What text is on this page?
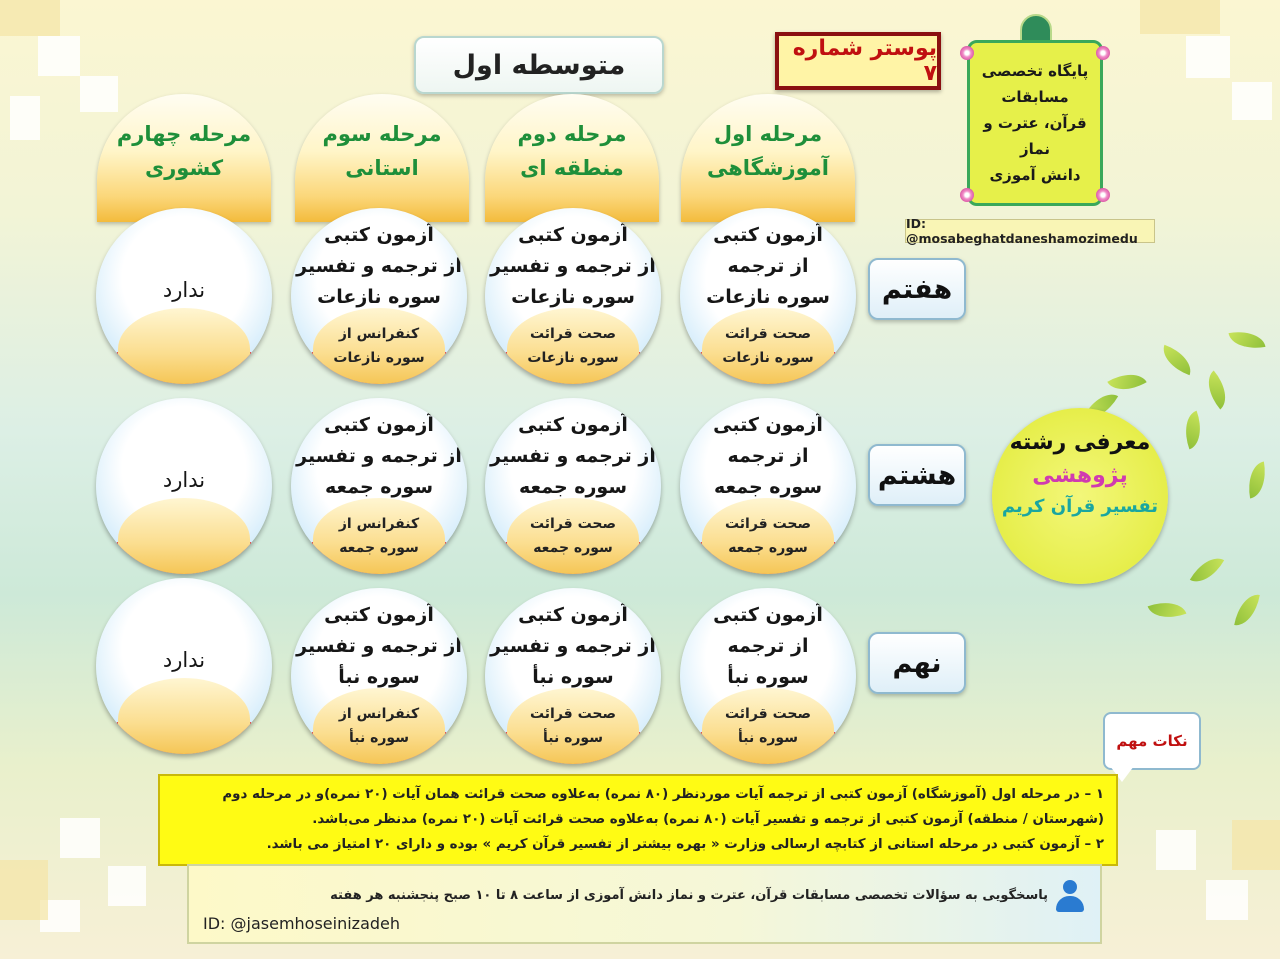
متوسطه اول
پوستر شماره ۷	پایگاه تخصصی
مسابقات
قرآن، عترت و نماز
دانش آموزی
ID: @mosabeghatdaneshamozimedu
مرحله اول
آموزشگاهی
مرحله دوم
منطقه ای
مرحله سوم
استانی
مرحله چهارم
کشوری
هفتم
هشتم
نهم
آزمون کتبی
از ترجمه
سوره نازعات
صحت قرائت
سوره نازعات
آزمون کتبی
از ترجمه و تفسیر
سوره نازعات
صحت قرائت
سوره نازعات
آزمون کتبی
از ترجمه و تفسیر
سوره نازعات
کنفرانس از
سوره نازعات
ندارد
آزمون کتبی
از ترجمه
سوره جمعه
صحت قرائت
سوره جمعه
آزمون کتبی
از ترجمه و تفسیر
سوره جمعه
صحت قرائت
سوره جمعه
آزمون کتبی
از ترجمه و تفسیر
سوره جمعه
کنفرانس از
سوره جمعه
ندارد
آزمون کتبی
از ترجمه
سوره نبأ
صحت قرائت
سوره نبأ
آزمون کتبی
از ترجمه و تفسیر
سوره نبأ
صحت قرائت
سوره نبأ
آزمون کتبی
از ترجمه و تفسیر
سوره نبأ
کنفرانس از
سوره نبأ
ندارد
معرفی رشته
پژوهشی
تفسیر قرآن کریم
نکات مهم
۱ – در مرحله اول (آموزشگاه) آزمون کتبی از ترجمه آیات موردنظر (۸۰ نمره) به‌علاوه صحت قرائت همان آیات (۲۰ نمره)و در مرحله دوم
(شهرستان / منطقه) آزمون کتبی از ترجمه و تفسیر آیات (۸۰ نمره) به‌علاوه صحت قرائت آیات (۲۰ نمره) مدنظر می‌باشد.
۲ – آزمون کتبی در مرحله استانی از کتابچه ارسالی وزارت « بهره بیشتر از تفسیر قرآن کریم » بوده و دارای ۲۰ امتیاز می باشد.
پاسخگویی به سؤالات تخصصی مسابقات قرآن، عترت و نماز دانش آموزی از ساعت ۸ تا ۱۰ صبح پنجشنبه هر هفته
ID: @jasemhoseinizadeh
